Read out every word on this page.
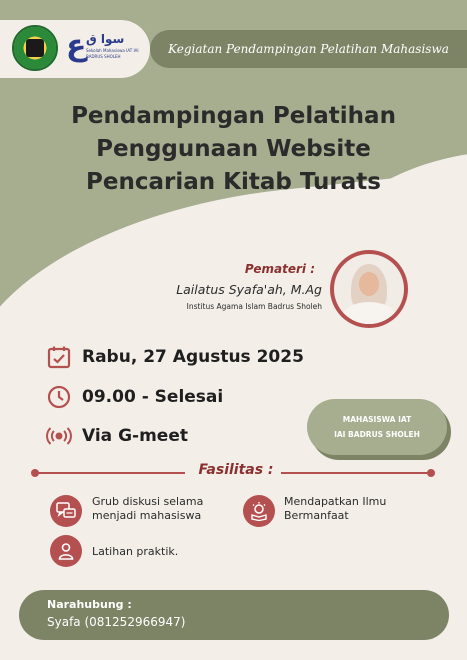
ﻉ سوا ق
Sekolah Mahasiswa IAT IAI BADRUS SHOLEH
Kegiatan Pendampingan Pelatihan Mahasiswa
Pendampingan Pelatihan
Penggunaan Website
Pencarian Kitab Turats
Pemateri :
Lailatus Syafa'ah, M.Ag
Institus Agama Islam Badrus Sholeh
Rabu, 27 Agustus 2025
09.00 - Selesai
Via G-meet
MAHASISWA IAT
IAI BADRUS SHOLEH
Fasilitas :
Grub diskusi selama
menjadi mahasiswa
Mendapatkan Ilmu
Bermanfaat
Latihan praktik.
Narahubung :
Syafa (081252966947)
